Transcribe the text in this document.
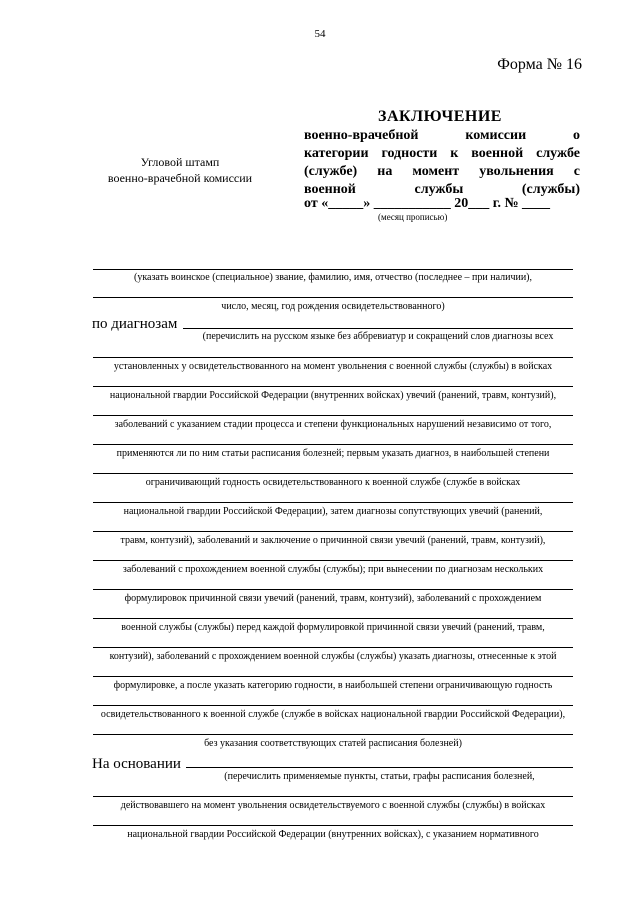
54
Форма № 16
ЗАКЛЮЧЕНИЕ
военно-врачебной комиссии о
категории годности к военной службе
(службе) на момент увольнения с
военной службы (службы)
от «_____» ___________ 20___ г. № ____
(месяц прописью)
Угловой штамп
военно-врачебной комиссии
(указать воинское (специальное) звание, фамилию, имя, отчество (последнее – при наличии),
число, месяц, год рождения освидетельствованного)
по диагнозам
(перечислить на русском языке без аббревиатур и сокращений слов диагнозы всех
установленных у освидетельствованного на момент увольнения с военной службы (службы) в войсках
национальной гвардии Российской Федерации (внутренних войсках) увечий (ранений, травм, контузий),
заболеваний с указанием стадии процесса и степени функциональных нарушений независимо от того,
применяются ли по ним статьи расписания болезней; первым указать диагноз, в наибольшей степени
ограничивающий годность освидетельствованного к военной службе (службе в войсках
национальной гвардии Российской Федерации), затем диагнозы сопутствующих увечий (ранений,
травм, контузий), заболеваний и заключение о причинной связи увечий (ранений, травм, контузий),
заболеваний с прохождением военной службы (службы); при вынесении по диагнозам нескольких
формулировок причинной связи увечий (ранений, травм, контузий), заболеваний с прохождением
военной службы (службы) перед каждой формулировкой причинной связи увечий (ранений, травм,
контузий), заболеваний с прохождением военной службы (службы) указать диагнозы, отнесенные к этой
формулировке, а после указать категорию годности, в наибольшей степени ограничивающую годность
освидетельствованного к военной службе (службе в войсках национальной гвардии Российской Федерации),
без указания соответствующих статей расписания болезней)
На основании
(перечислить применяемые пункты, статьи, графы расписания болезней,
действовавшего на момент увольнения освидетельствуемого с военной службы (службы) в войсках
национальной гвардии Российской Федерации (внутренних войсках), с указанием нормативного
